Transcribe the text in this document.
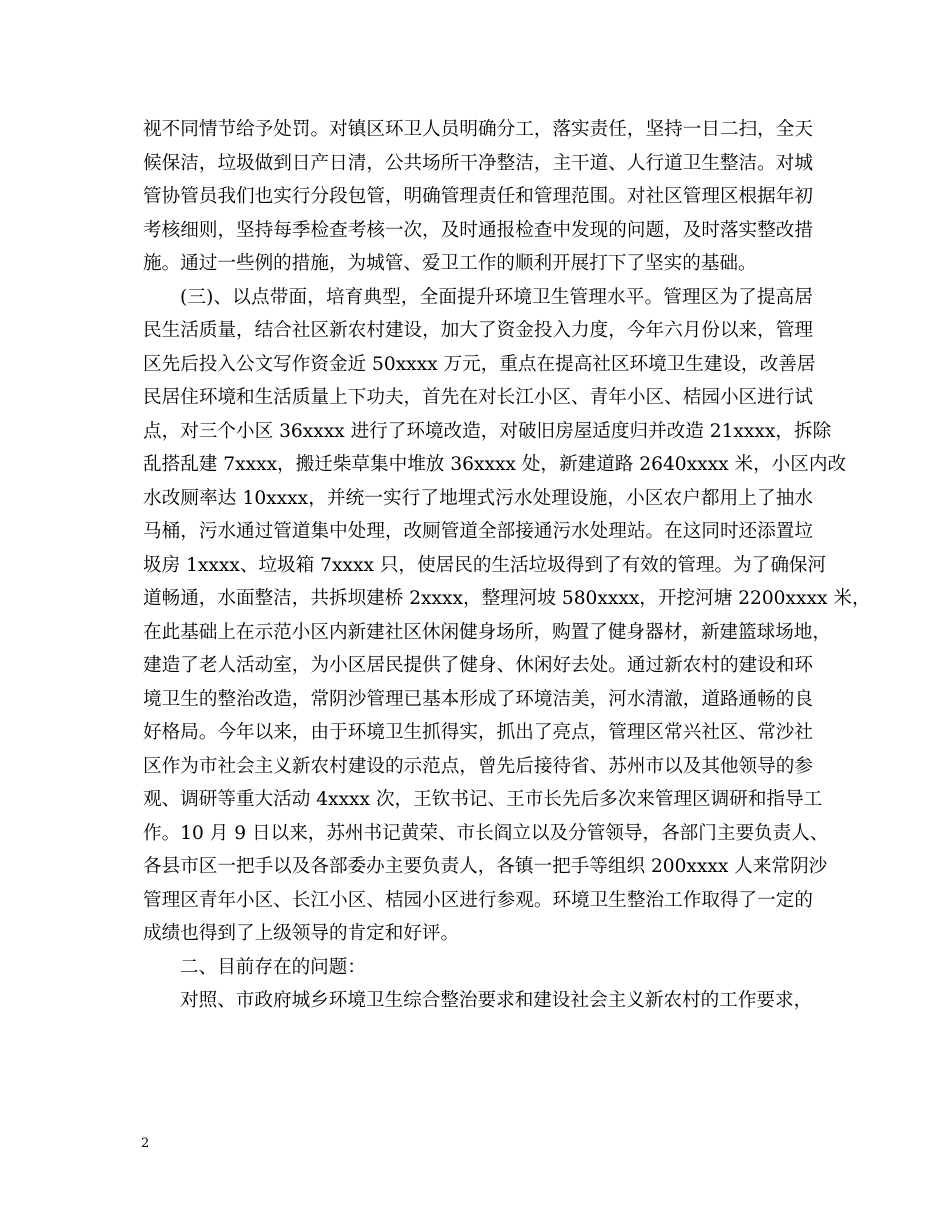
视不同情节给予处罚。对镇区环卫人员明确分工，落实责任，坚持一日二扫，全天
候保洁，垃圾做到日产日清，公共场所干净整洁，主干道、人行道卫生整洁。对城
管协管员我们也实行分段包管，明确管理责任和管理范围。对社区管理区根据年初
考核细则，坚持每季检查考核一次，及时通报检查中发现的问题，及时落实整改措
施。通过一些例的措施，为城管、爱卫工作的顺利开展打下了坚实的基础。

(三)、以点带面，培育典型，全面提升环境卫生管理水平。管理区为了提高居
民生活质量，结合社区新农村建设，加大了资金投入力度，今年六月份以来，管理
区先后投入公文写作资金近 50xxxx 万元，重点在提高社区环境卫生建设，改善居
民居住环境和生活质量上下功夫，首先在对长江小区、青年小区、桔园小区进行试
点，对三个小区 36xxxx 进行了环境改造，对破旧房屋适度归并改造 21xxxx，拆除
乱搭乱建 7xxxx，搬迁柴草集中堆放 36xxxx 处，新建道路 2640xxxx 米，小区内改
水改厕率达 10xxxx，并统一实行了地埋式污水处理设施，小区农户都用上了抽水
马桶，污水通过管道集中处理，改厕管道全部接通污水处理站。在这同时还添置垃
圾房 1xxxx、垃圾箱 7xxxx 只，使居民的生活垃圾得到了有效的管理。为了确保河
道畅通，水面整洁，共拆坝建桥 2xxxx，整理河坡 580xxxx，开挖河塘 2200xxxx 米，
在此基础上在示范小区内新建社区休闲健身场所，购置了健身器材，新建篮球场地，
建造了老人活动室，为小区居民提供了健身、休闲好去处。通过新农村的建设和环
境卫生的整治改造，常阴沙管理已基本形成了环境洁美，河水清澈，道路通畅的良
好格局。今年以来，由于环境卫生抓得实，抓出了亮点，管理区常兴社区、常沙社
区作为市社会主义新农村建设的示范点，曾先后接待省、苏州市以及其他领导的参
观、调研等重大活动 4xxxx 次，王钦书记、王市长先后多次来管理区调研和指导工
作。10 月 9 日以来，苏州书记黄荣、市长阎立以及分管领导，各部门主要负责人、
各县市区一把手以及各部委办主要负责人，各镇一把手等组织 200xxxx 人来常阴沙
管理区青年小区、长江小区、桔园小区进行参观。环境卫生整治工作取得了一定的
成绩也得到了上级领导的肯定和好评。

二、目前存在的问题：

对照、市政府城乡环境卫生综合整治要求和建设社会主义新农村的工作要求，

2
